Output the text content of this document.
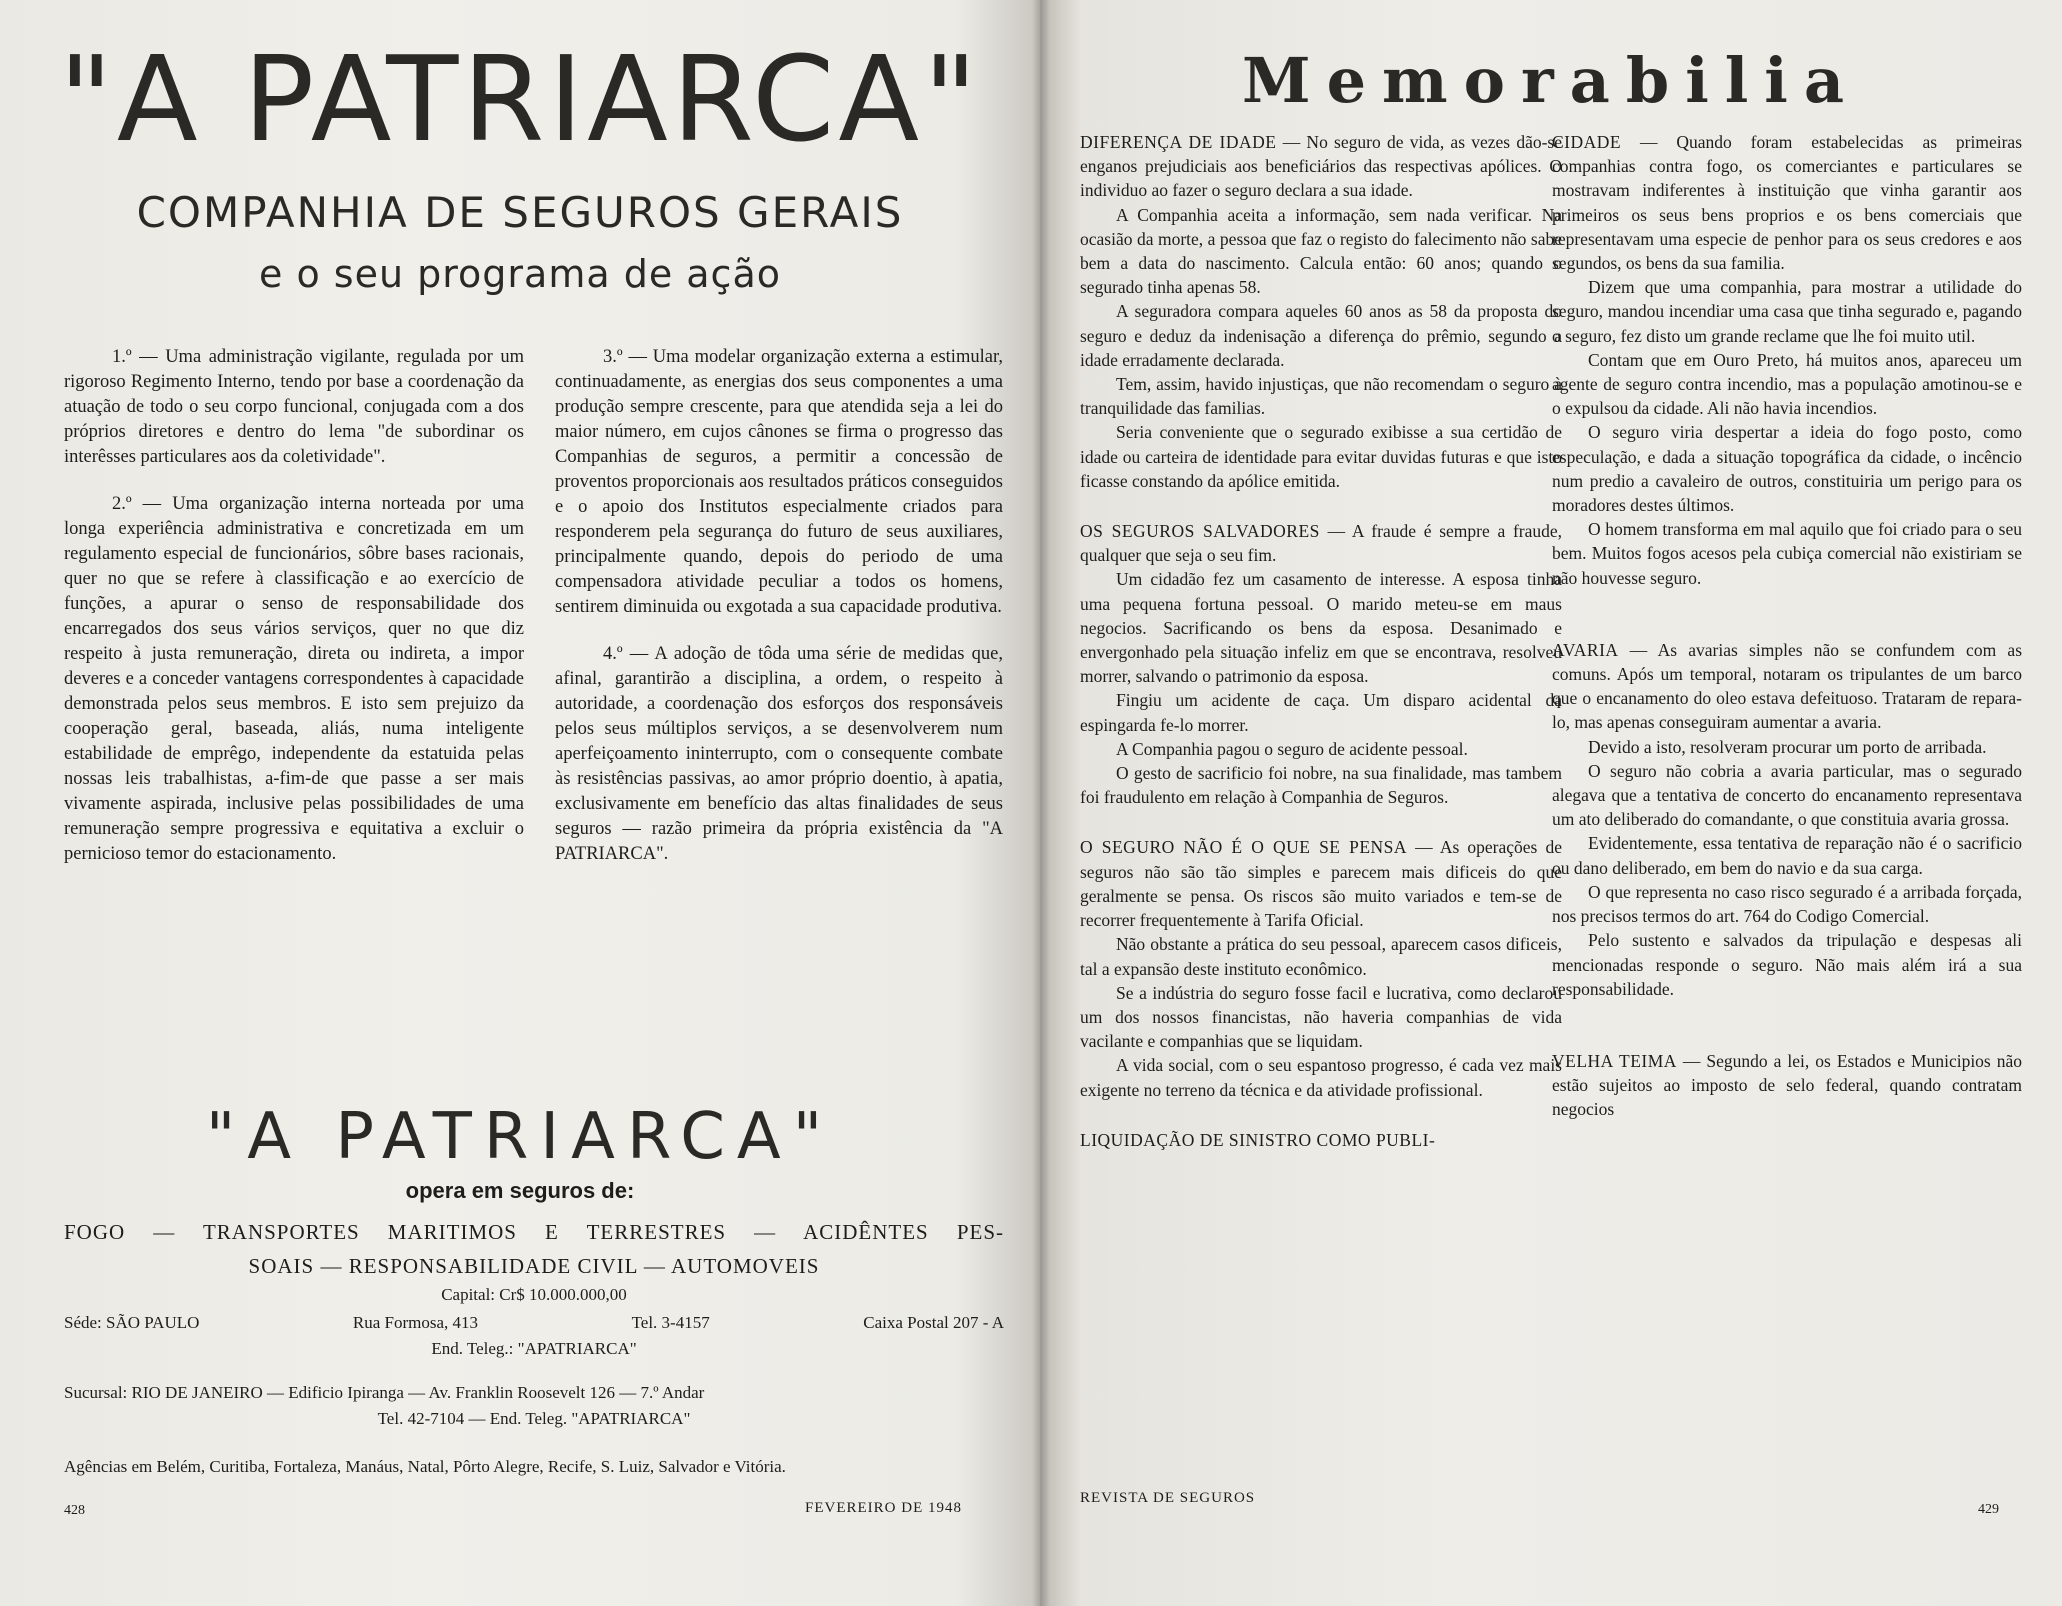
"A PATRIARCA"
COMPANHIA DE SEGUROS GERAIS
e o seu programa de ação

1.º — Uma administração vigilante, regulada por um rigoroso Regimento Interno, tendo por base a coordenação da atuação de todo o seu corpo funcional, conjugada com a dos próprios diretores e dentro do lema "de subordinar os interêsses particulares aos da coletividade".

2.º — Uma organização interna norteada por uma longa experiência administrativa e concretizada em um regulamento especial de funcionários, sôbre bases racionais, quer no que se refere à classificação e ao exercício de funções, a apurar o senso de responsabilidade dos encarregados dos seus vários serviços, quer no que diz respeito à justa remuneração, direta ou indireta, a impor deveres e a conceder vantagens correspondentes à capacidade demonstrada pelos seus membros. E isto sem prejuizo da cooperação geral, baseada, aliás, numa inteligente estabilidade de emprêgo, independente da estatuida pelas nossas leis trabalhistas, a-fim-de que passe a ser mais vivamente aspirada, inclusive pelas possibilidades de uma remuneração sempre progressiva e equitativa a excluir o pernicioso temor do estacionamento.

3.º — Uma modelar organização externa a estimular, continuadamente, as energias dos seus componentes a uma produção sempre crescente, para que atendida seja a lei do maior número, em cujos cânones se firma o progresso das Companhias de seguros, a permitir a concessão de proventos proporcionais aos resultados práticos conseguidos e o apoio dos Institutos especialmente criados para responderem pela segurança do futuro de seus auxiliares, principalmente quando, depois do periodo de uma compensadora atividade peculiar a todos os homens, sentirem diminuida ou exgotada a sua capacidade produtiva.

4.º — A adoção de tôda uma série de medidas que, afinal, garantirão a disciplina, a ordem, o respeito à autoridade, a coordenação dos esforços dos responsáveis pelos seus múltiplos serviços, a se desenvolverem num aperfeiçoamento ininterrupto, com o consequente combate às resistências passivas, ao amor próprio doentio, à apatia, exclusivamente em benefício das altas finalidades de seus seguros — razão primeira da própria existência da "A PATRIARCA".

"A PATRIARCA"
opera em seguros de:
FOGO — TRANSPORTES MARITIMOS E TERRESTRES — ACIDÊNTES PES-
SOAIS — RESPONSABILIDADE CIVIL — AUTOMOVEIS
Capital: Cr$ 10.000.000,00
Séde: SÃO PAULO	Rua Formosa, 413	Tel. 3-4157	Caixa Postal 207 - A
End. Teleg.: "APATRIARCA"
Sucursal: RIO DE JANEIRO — Edificio Ipiranga — Av. Franklin Roosevelt 126 — 7.º Andar
Tel. 42-7104 — End. Teleg. "APATRIARCA"
Agências em Belém, Curitiba, Fortaleza, Manáus, Natal, Pôrto Alegre, Recife, S. Luiz, Salvador e Vitória.
428	FEVEREIRO DE 1948
Memorabilia

DIFERENÇA DE IDADE — No seguro de vida, as vezes dão-se enganos prejudiciais aos beneficiários das respectivas apólices. O individuo ao fazer o seguro declara a sua idade.

A Companhia aceita a informação, sem nada verificar. Na ocasião da morte, a pessoa que faz o registo do falecimento não sabe bem a data do nascimento. Calcula então: 60 anos; quando o segurado tinha apenas 58.

A seguradora compara aqueles 60 anos as 58 da proposta do seguro e deduz da indenisação a diferença do prêmio, segundo a idade erradamente declarada.

Tem, assim, havido injustiças, que não recomendam o seguro à tranquilidade das familias.

Seria conveniente que o segurado exibisse a sua certidão de idade ou carteira de identidade para evitar duvidas futuras e que isto ficasse constando da apólice emitida.

OS SEGUROS SALVADORES — A fraude é sempre a fraude, qualquer que seja o seu fim.

Um cidadão fez um casamento de interesse. A esposa tinha uma pequena fortuna pessoal. O marido meteu-se em maus negocios. Sacrificando os bens da esposa. Desanimado e envergonhado pela situação infeliz em que se encontrava, resolveu morrer, salvando o patrimonio da esposa.

Fingiu um acidente de caça. Um disparo acidental da espingarda fe-lo morrer.

A Companhia pagou o seguro de acidente pessoal.

O gesto de sacrificio foi nobre, na sua finalidade, mas tambem foi fraudulento em relação à Companhia de Seguros.

O SEGURO NÃO É O QUE SE PENSA — As operações de seguros não são tão simples e parecem mais dificeis do que geralmente se pensa. Os riscos são muito variados e tem-se de recorrer frequentemente à Tarifa Oficial.

Não obstante a prática do seu pessoal, aparecem casos dificeis, tal a expansão deste instituto econômico.

Se a indústria do seguro fosse facil e lucrativa, como declarou um dos nossos financistas, não haveria companhias de vida vacilante e companhias que se liquidam.

A vida social, com o seu espantoso progresso, é cada vez mais exigente no terreno da técnica e da atividade profissional.

LIQUIDAÇÃO DE SINISTRO COMO PUBLI-

CIDADE — Quando foram estabelecidas as primeiras companhias contra fogo, os comerciantes e particulares se mostravam indiferentes à instituição que vinha garantir aos primeiros os seus bens proprios e os bens comerciais que representavam uma especie de penhor para os seus credores e aos segundos, os bens da sua familia.

Dizem que uma companhia, para mostrar a utilidade do seguro, mandou incendiar uma casa que tinha segurado e, pagando o seguro, fez disto um grande reclame que lhe foi muito util.

Contam que em Ouro Preto, há muitos anos, apareceu um agente de seguro contra incendio, mas a população amotinou-se e o expulsou da cidade. Ali não havia incendios.

O seguro viria despertar a ideia do fogo posto, como especulação, e dada a situação topográfica da cidade, o incêncio num predio a cavaleiro de outros, constituiria um perigo para os moradores destes últimos.

O homem transforma em mal aquilo que foi criado para o seu bem. Muitos fogos acesos pela cubiça comercial não existiriam se não houvesse seguro.

AVARIA — As avarias simples não se confundem com as comuns. Após um temporal, notaram os tripulantes de um barco que o encanamento do oleo estava defeituoso. Trataram de repara-lo, mas apenas conseguiram aumentar a avaria.

Devido a isto, resolveram procurar um porto de arribada.

O seguro não cobria a avaria particular, mas o segurado alegava que a tentativa de concerto do encanamento representava um ato deliberado do comandante, o que constituia avaria grossa.

Evidentemente, essa tentativa de reparação não é o sacrificio ou dano deliberado, em bem do navio e da sua carga.

O que representa no caso risco segurado é a arribada forçada, nos precisos termos do art. 764 do Codigo Comercial.

Pelo sustento e salvados da tripulação e despesas ali mencionadas responde o seguro. Não mais além irá a sua responsabilidade.

VELHA TEIMA — Segundo a lei, os Estados e Municipios não estão sujeitos ao imposto de selo federal, quando contratam negocios

REVISTA DE SEGUROS
429
